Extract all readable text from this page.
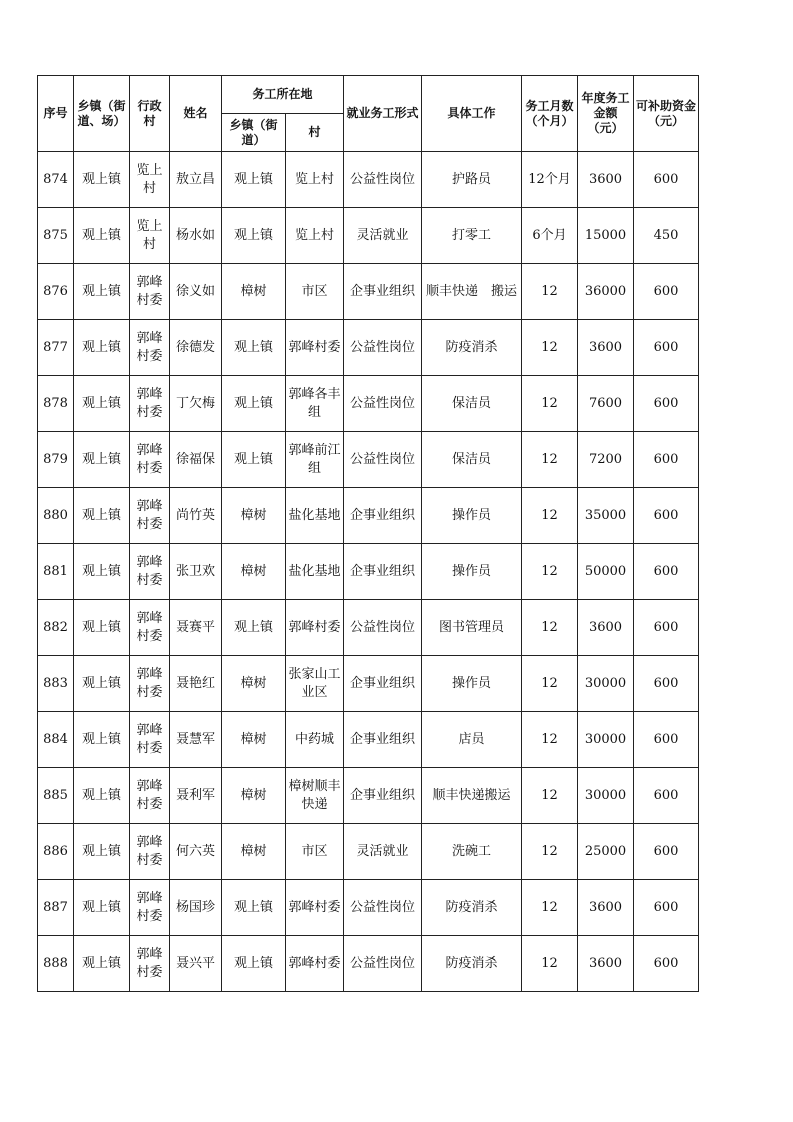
序号	乡镇（街道、场）	行政村	姓名	务工所在地		就业务工形式	具体工作	务工月数（个月）	年度务工金额（元）	可补助资金（元）
				乡镇（街道）	村					
874	观上镇	览上村	敖立昌	观上镇	览上村	公益性岗位	护路员	12个月	3600	600
875	观上镇	览上村	杨水如	观上镇	览上村	灵活就业	打零工	6个月	15000	450
876	观上镇	郭峰村委	徐义如	樟树	市区	企事业组织	顺丰快递　搬运	12	36000	600
877	观上镇	郭峰村委	徐德发	观上镇	郭峰村委	公益性岗位	防疫消杀	12	3600	600
878	观上镇	郭峰村委	丁欠梅	观上镇	郭峰各丰组	公益性岗位	保洁员	12	7600	600
879	观上镇	郭峰村委	徐福保	观上镇	郭峰前江组	公益性岗位	保洁员	12	7200	600
880	观上镇	郭峰村委	尚竹英	樟树	盐化基地	企事业组织	操作员	12	35000	600
881	观上镇	郭峰村委	张卫欢	樟树	盐化基地	企事业组织	操作员	12	50000	600
882	观上镇	郭峰村委	聂赛平	观上镇	郭峰村委	公益性岗位	图书管理员	12	3600	600
883	观上镇	郭峰村委	聂艳红	樟树	张家山工业区	企事业组织	操作员	12	30000	600
884	观上镇	郭峰村委	聂慧军	樟树	中药城	企事业组织	店员	12	30000	600
885	观上镇	郭峰村委	聂利军	樟树	樟树顺丰快递	企事业组织	顺丰快递搬运	12	30000	600
886	观上镇	郭峰村委	何六英	樟树	市区	灵活就业	洗碗工	12	25000	600
887	观上镇	郭峰村委	杨国珍	观上镇	郭峰村委	公益性岗位	防疫消杀	12	3600	600
888	观上镇	郭峰村委	聂兴平	观上镇	郭峰村委	公益性岗位	防疫消杀	12	3600	600
